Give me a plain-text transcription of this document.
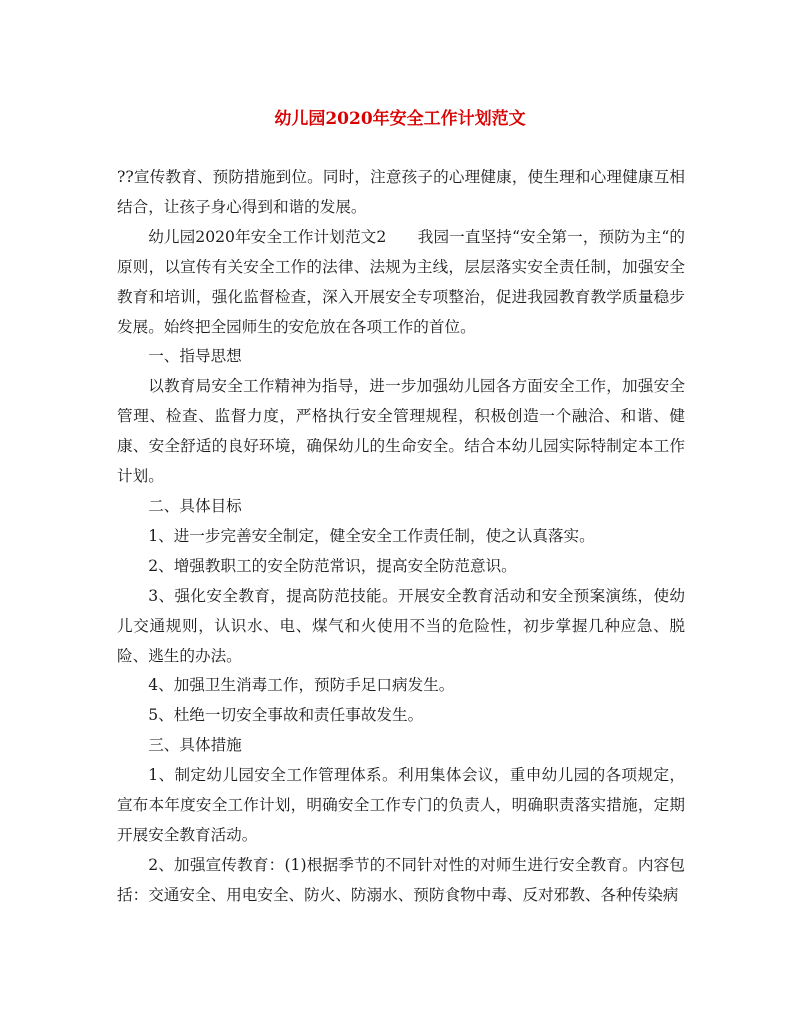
幼儿园2020年安全工作计划范文

??宣传教育、预防措施到位。同时，注意孩子的心理健康，使生理和心理健康互相结合，让孩子身心得到和谐的发展。

幼儿园2020年安全工作计划范文2　　我园一直坚持“安全第一，预防为主“的原则，以宣传有关安全工作的法律、法规为主线，层层落实安全责任制，加强安全教育和培训，强化监督检查，深入开展安全专项整治，促进我园教育教学质量稳步发展。始终把全园师生的安危放在各项工作的首位。

一、指导思想

以教育局安全工作精神为指导，进一步加强幼儿园各方面安全工作，加强安全管理、检查、监督力度，严格执行安全管理规程，积极创造一个融洽、和谐、健康、安全舒适的良好环境，确保幼儿的生命安全。结合本幼儿园实际特制定本工作计划。

二、具体目标

1、进一步完善安全制定，健全安全工作责任制，使之认真落实。

2、增强教职工的安全防范常识，提高安全防范意识。

3、强化安全教育，提高防范技能。开展安全教育活动和安全预案演练，使幼儿交通规则，认识水、电、煤气和火使用不当的危险性，初步掌握几种应急、脱险、逃生的办法。

4、加强卫生消毒工作，预防手足口病发生。

5、杜绝一切安全事故和责任事故发生。

三、具体措施

1、制定幼儿园安全工作管理体系。利用集体会议，重申幼儿园的各项规定，宣布本年度安全工作计划，明确安全工作专门的负责人，明确职责落实措施，定期开展安全教育活动。

2、加强宣传教育：(1)根据季节的不同针对性的对师生进行安全教育。内容包括：交通安全、用电安全、防火、防溺水、预防食物中毒、反对邪教、各种传染病
